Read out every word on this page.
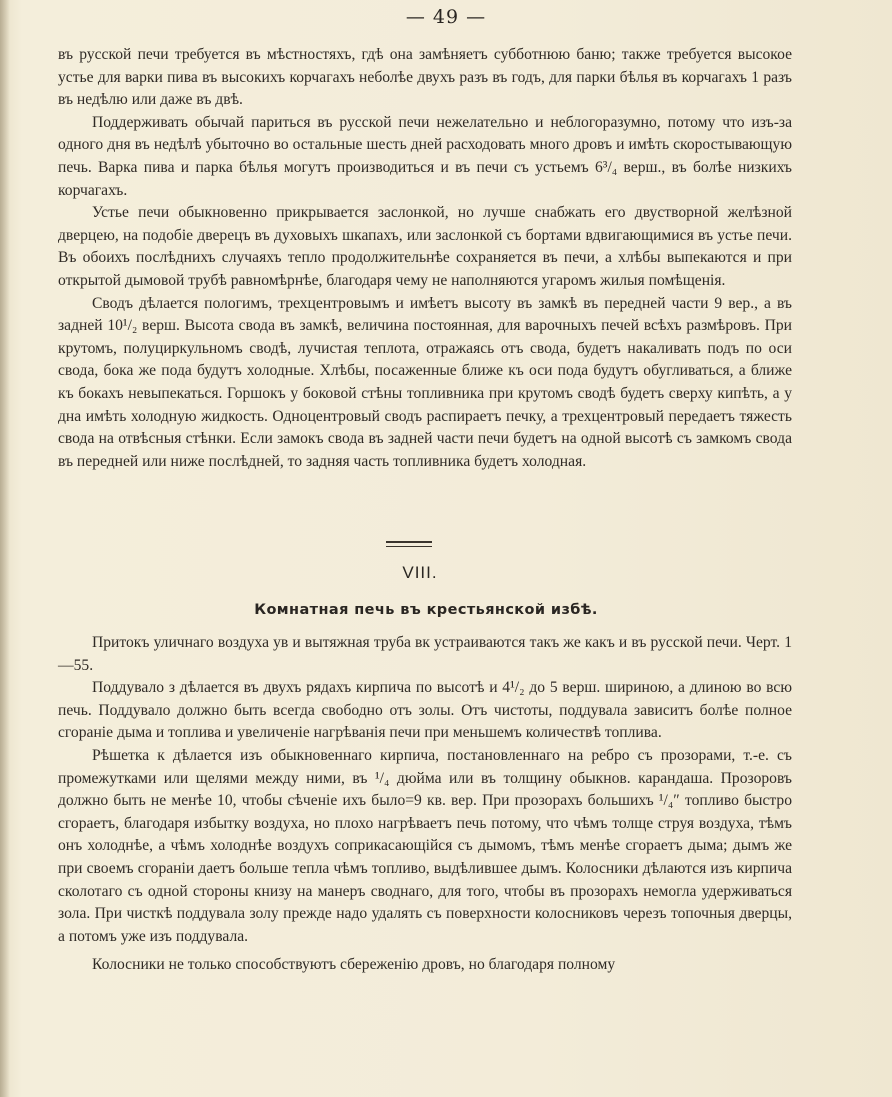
— 49 —

въ русской печи требуется въ мѣстностяхъ, гдѣ она замѣняетъ субботнюю баню; также требуется высокое устье для варки пива въ высокихъ корчагахъ неболѣе двухъ разъ въ годъ, для парки бѣлья въ корчагахъ 1 разъ въ недѣлю или даже въ двѣ.

Поддерживать обычай париться въ русской печи нежелательно и неблогоразумно, потому что изъ-за одного дня въ недѣлѣ убыточно во остальные шесть дней расходовать много дровъ и имѣть скоростывающую печь. Варка пива и парка бѣлья могутъ производиться и въ печи съ устьемъ 6³/₄ верш., въ болѣе низкихъ корчагахъ.

Устье печи обыкновенно прикрывается заслонкой, но лучше снабжать его двустворной желѣзной дверцею, на подобіе дверецъ въ духовыхъ шкапахъ, или заслонкой съ бортами вдвигающимися въ устье печи. Въ обоихъ послѣднихъ случаяхъ тепло продолжительнѣе сохраняется въ печи, а хлѣбы выпекаются и при открытой дымовой трубѣ равномѣрнѣе, благодаря чему не наполняются угаромъ жилыя помѣщенія.

Сводъ дѣлается пологимъ, трехцентровымъ и имѣетъ высоту въ замкѣ въ передней части 9 вер., а въ задней 10¹/₂ верш. Высота свода въ замкѣ, величина постоянная, для варочныхъ печей всѣхъ размѣровъ. При крутомъ, полуциркульномъ сводѣ, лучистая теплота, отражаясь отъ свода, будетъ накаливать подъ по оси свода, бока же пода будутъ холодные. Хлѣбы, посаженные ближе къ оси пода будутъ обугливаться, а ближе къ бокахъ невыпекаться. Горшокъ у боковой стѣны топливника при крутомъ сводѣ будетъ сверху кипѣть, а у дна имѣть холодную жидкость. Одноцентровый сводъ распираетъ печку, а трехцентровый передаетъ тяжесть свода на отвѣсныя стѣнки. Если замокъ свода въ задней части печи будетъ на одной высотѣ съ замкомъ свода въ передней или ниже послѣдней, то задняя часть топливника будетъ холодная.

VIII.
Комнатная печь въ крестьянской избѣ.

Притокъ уличнаго воздуха ув и вытяжная труба вк устраиваются такъ же какъ и въ русской печи. Черт. 1—55.

Поддувало з дѣлается въ двухъ рядахъ кирпича по высотѣ и 4¹/₂ до 5 верш. шириною, а длиною во всю печь. Поддувало должно быть всегда свободно отъ золы. Отъ чистоты, поддувала зависитъ болѣе полное сгораніе дыма и топлива и увеличеніе нагрѣванія печи при меньшемъ количествѣ топлива.

Рѣшетка к дѣлается изъ обыкновеннаго кирпича, постановленнаго на ребро съ прозорами, т.-е. съ промежутками или щелями между ними, въ ¹/₄ дюйма или въ толщину обыкнов. карандаша. Прозоровъ должно быть не менѣе 10, чтобы сѣченіе ихъ было=9 кв. вер. При прозорахъ большихъ ¹/₄″ топливо быстро сгораетъ, благодаря избытку воздуха, но плохо нагрѣваетъ печь потому, что чѣмъ толще струя воздуха, тѣмъ онъ холоднѣе, а чѣмъ холоднѣе воздухъ соприкасающійся съ дымомъ, тѣмъ менѣе сгораетъ дыма; дымъ же при своемъ сгораніи даетъ больше тепла чѣмъ топливо, выдѣлившее дымъ. Колосники дѣлаются изъ кирпича сколотаго съ одной стороны книзу на манеръ своднаго, для того, чтобы въ прозорахъ немогла удерживаться зола. При чисткѣ поддувала золу прежде надо удалять съ поверхности колосниковъ черезъ топочныя дверцы, а потомъ уже изъ поддувала.

Колосники не только способствуютъ сбереженію дровъ, но благодаря полному
